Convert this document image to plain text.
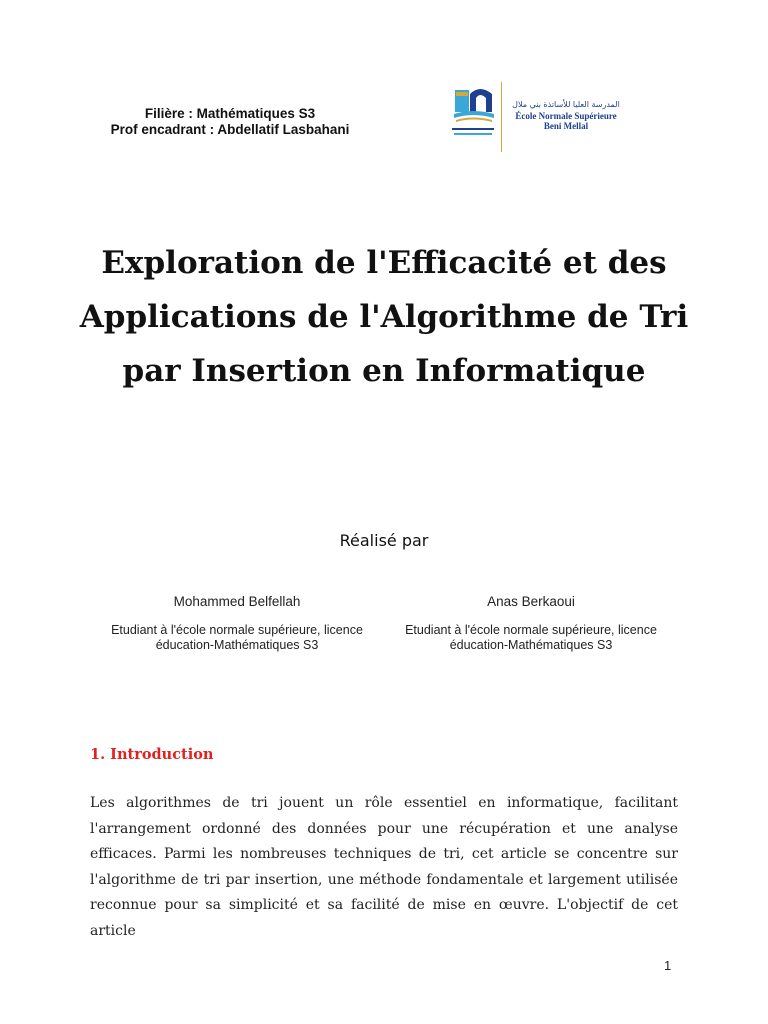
Filière : Mathématiques S3
Prof encadrant : Abdellatif Lasbahani
المدرسة العليا للأساتذة بني ملال
École Normale Supérieure
Beni Mellal
Exploration de l'Efficacité et des
Applications de l'Algorithme de Tri
par Insertion en Informatique
Réalisé par
Mohammed Belfellah
Etudiant à l'école normale supérieure, licence
éducation-Mathématiques S3
Anas Berkaoui
Etudiant à l'école normale supérieure, licence
éducation-Mathématiques S3
1. Introduction

Les algorithmes de tri jouent un rôle essentiel en informatique, facilitant l'arrangement ordonné des données pour une récupération et une analyse efficaces. Parmi les nombreuses techniques de tri, cet article se concentre sur l'algorithme de tri par insertion, une méthode fondamentale et largement utilisée reconnue pour sa simplicité et sa facilité de mise en œuvre. L'objectif de cet article

1
